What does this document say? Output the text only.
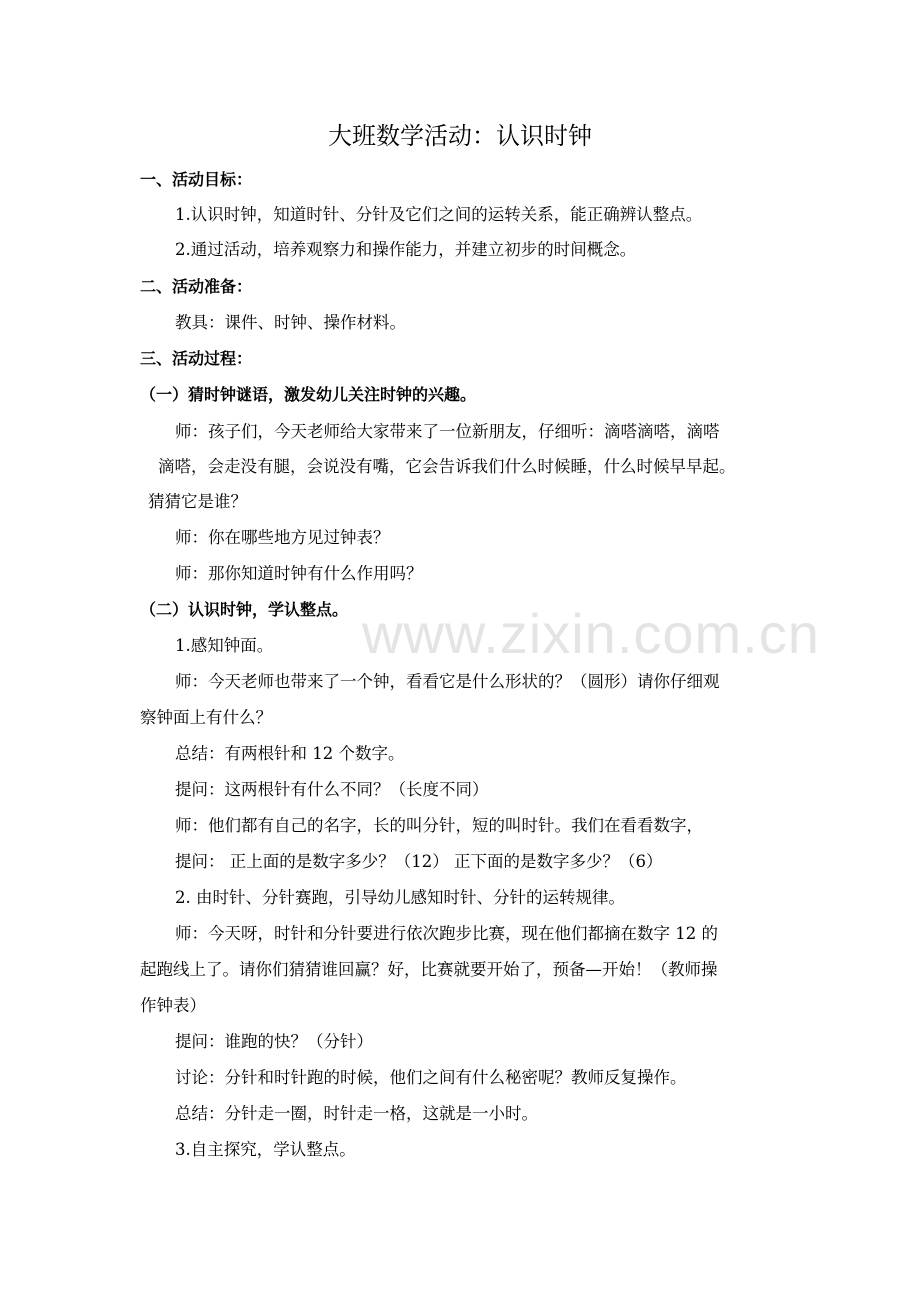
www.zixin.com.cn
大班数学活动：认识时钟
一、活动目标：
1.认识时钟，知道时针、分针及它们之间的运转关系，能正确辨认整点。
2.通过活动，培养观察力和操作能力，并建立初步的时间概念。
二、活动准备：
教具：课件、时钟、操作材料。
三、活动过程：
（一）猜时钟谜语，激发幼儿关注时钟的兴趣。
师：孩子们，今天老师给大家带来了一位新朋友，仔细听：滴嗒滴嗒，滴嗒
滴嗒，会走没有腿，会说没有嘴，它会告诉我们什么时候睡，什么时候早早起。
猜猜它是谁？
师：你在哪些地方见过钟表？
师：那你知道时钟有什么作用吗？
（二）认识时钟，学认整点。
1.感知钟面。
师：今天老师也带来了一个钟，看看它是什么形状的？（圆形）请你仔细观
察钟面上有什么？
总结：有两根针和 12 个数字。
提问：这两根针有什么不同？（长度不同）
师：他们都有自己的名字，长的叫分针，短的叫时针。我们在看看数字，
提问： 正上面的是数字多少？（12） 正下面的是数字多少？（6）
2. 由时针、分针赛跑，引导幼儿感知时针、分针的运转规律。
师：今天呀，时针和分针要进行依次跑步比赛，现在他们都摘在数字 12 的
起跑线上了。请你们猜猜谁回赢？好，比赛就要开始了，预备—开始！（教师操
作钟表）
提问：谁跑的快？（分针）
讨论：分针和时针跑的时候，他们之间有什么秘密呢？教师反复操作。
总结：分针走一圈，时针走一格，这就是一小时。
3.自主探究，学认整点。
